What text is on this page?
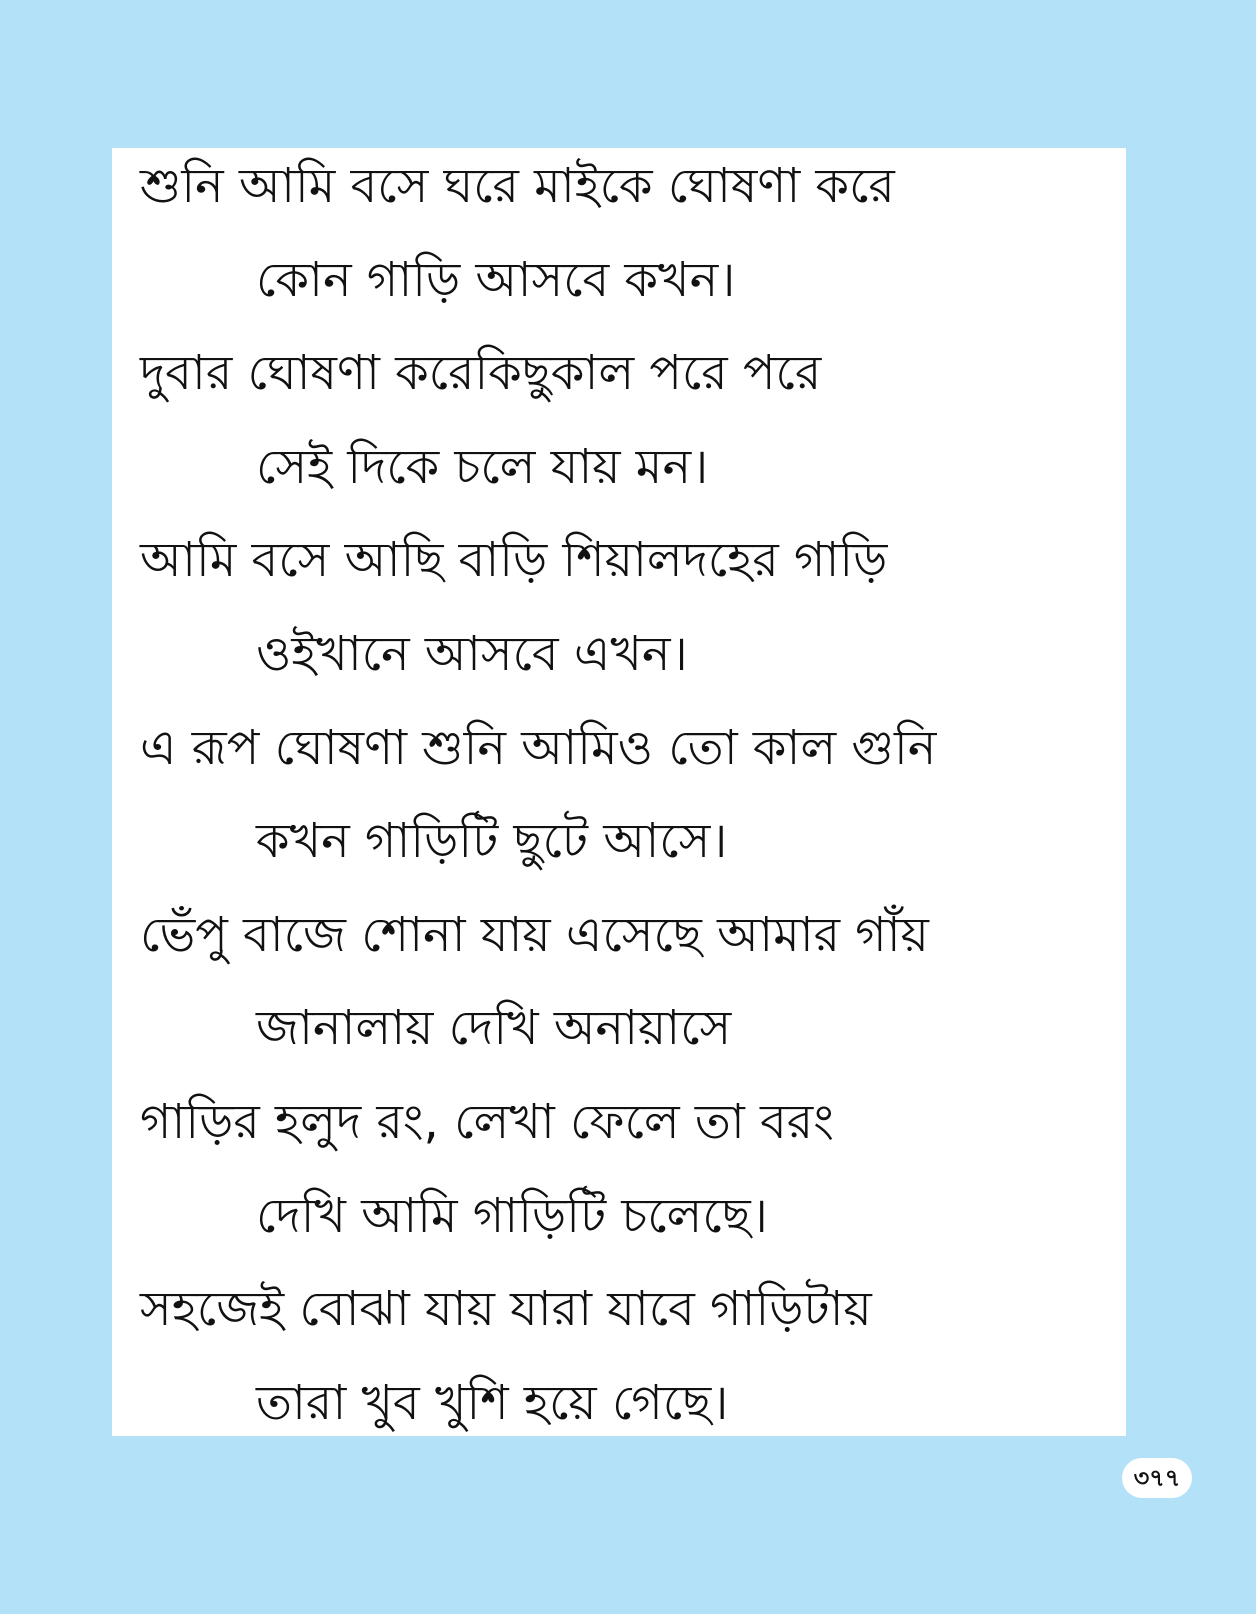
শুনি আমি বসে ঘরে মাইকে ঘোষণা করে
কোন গাড়ি আসবে কখন।
দুবার ঘোষণা করেকিছুকাল পরে পরে
সেই দিকে চলে যায় মন।
আমি বসে আছি বাড়ি শিয়ালদহের গাড়ি
ওইখানে আসবে এখন।
এ রূপ ঘোষণা শুনি আমিও তো কাল গুনি
কখন গাড়িটি ছুটে আসে।
ভেঁপু বাজে শোনা যায় এসেছে আমার গাঁয়
জানালায় দেখি অনায়াসে
গাড়ির হলুদ রং, লেখা ফেলে তা বরং
দেখি আমি গাড়িটি চলেছে।
সহজেই বোঝা যায় যারা যাবে গাড়িটায়
তারা খুব খুশি হয়ে গেছে।
৩৭৭
